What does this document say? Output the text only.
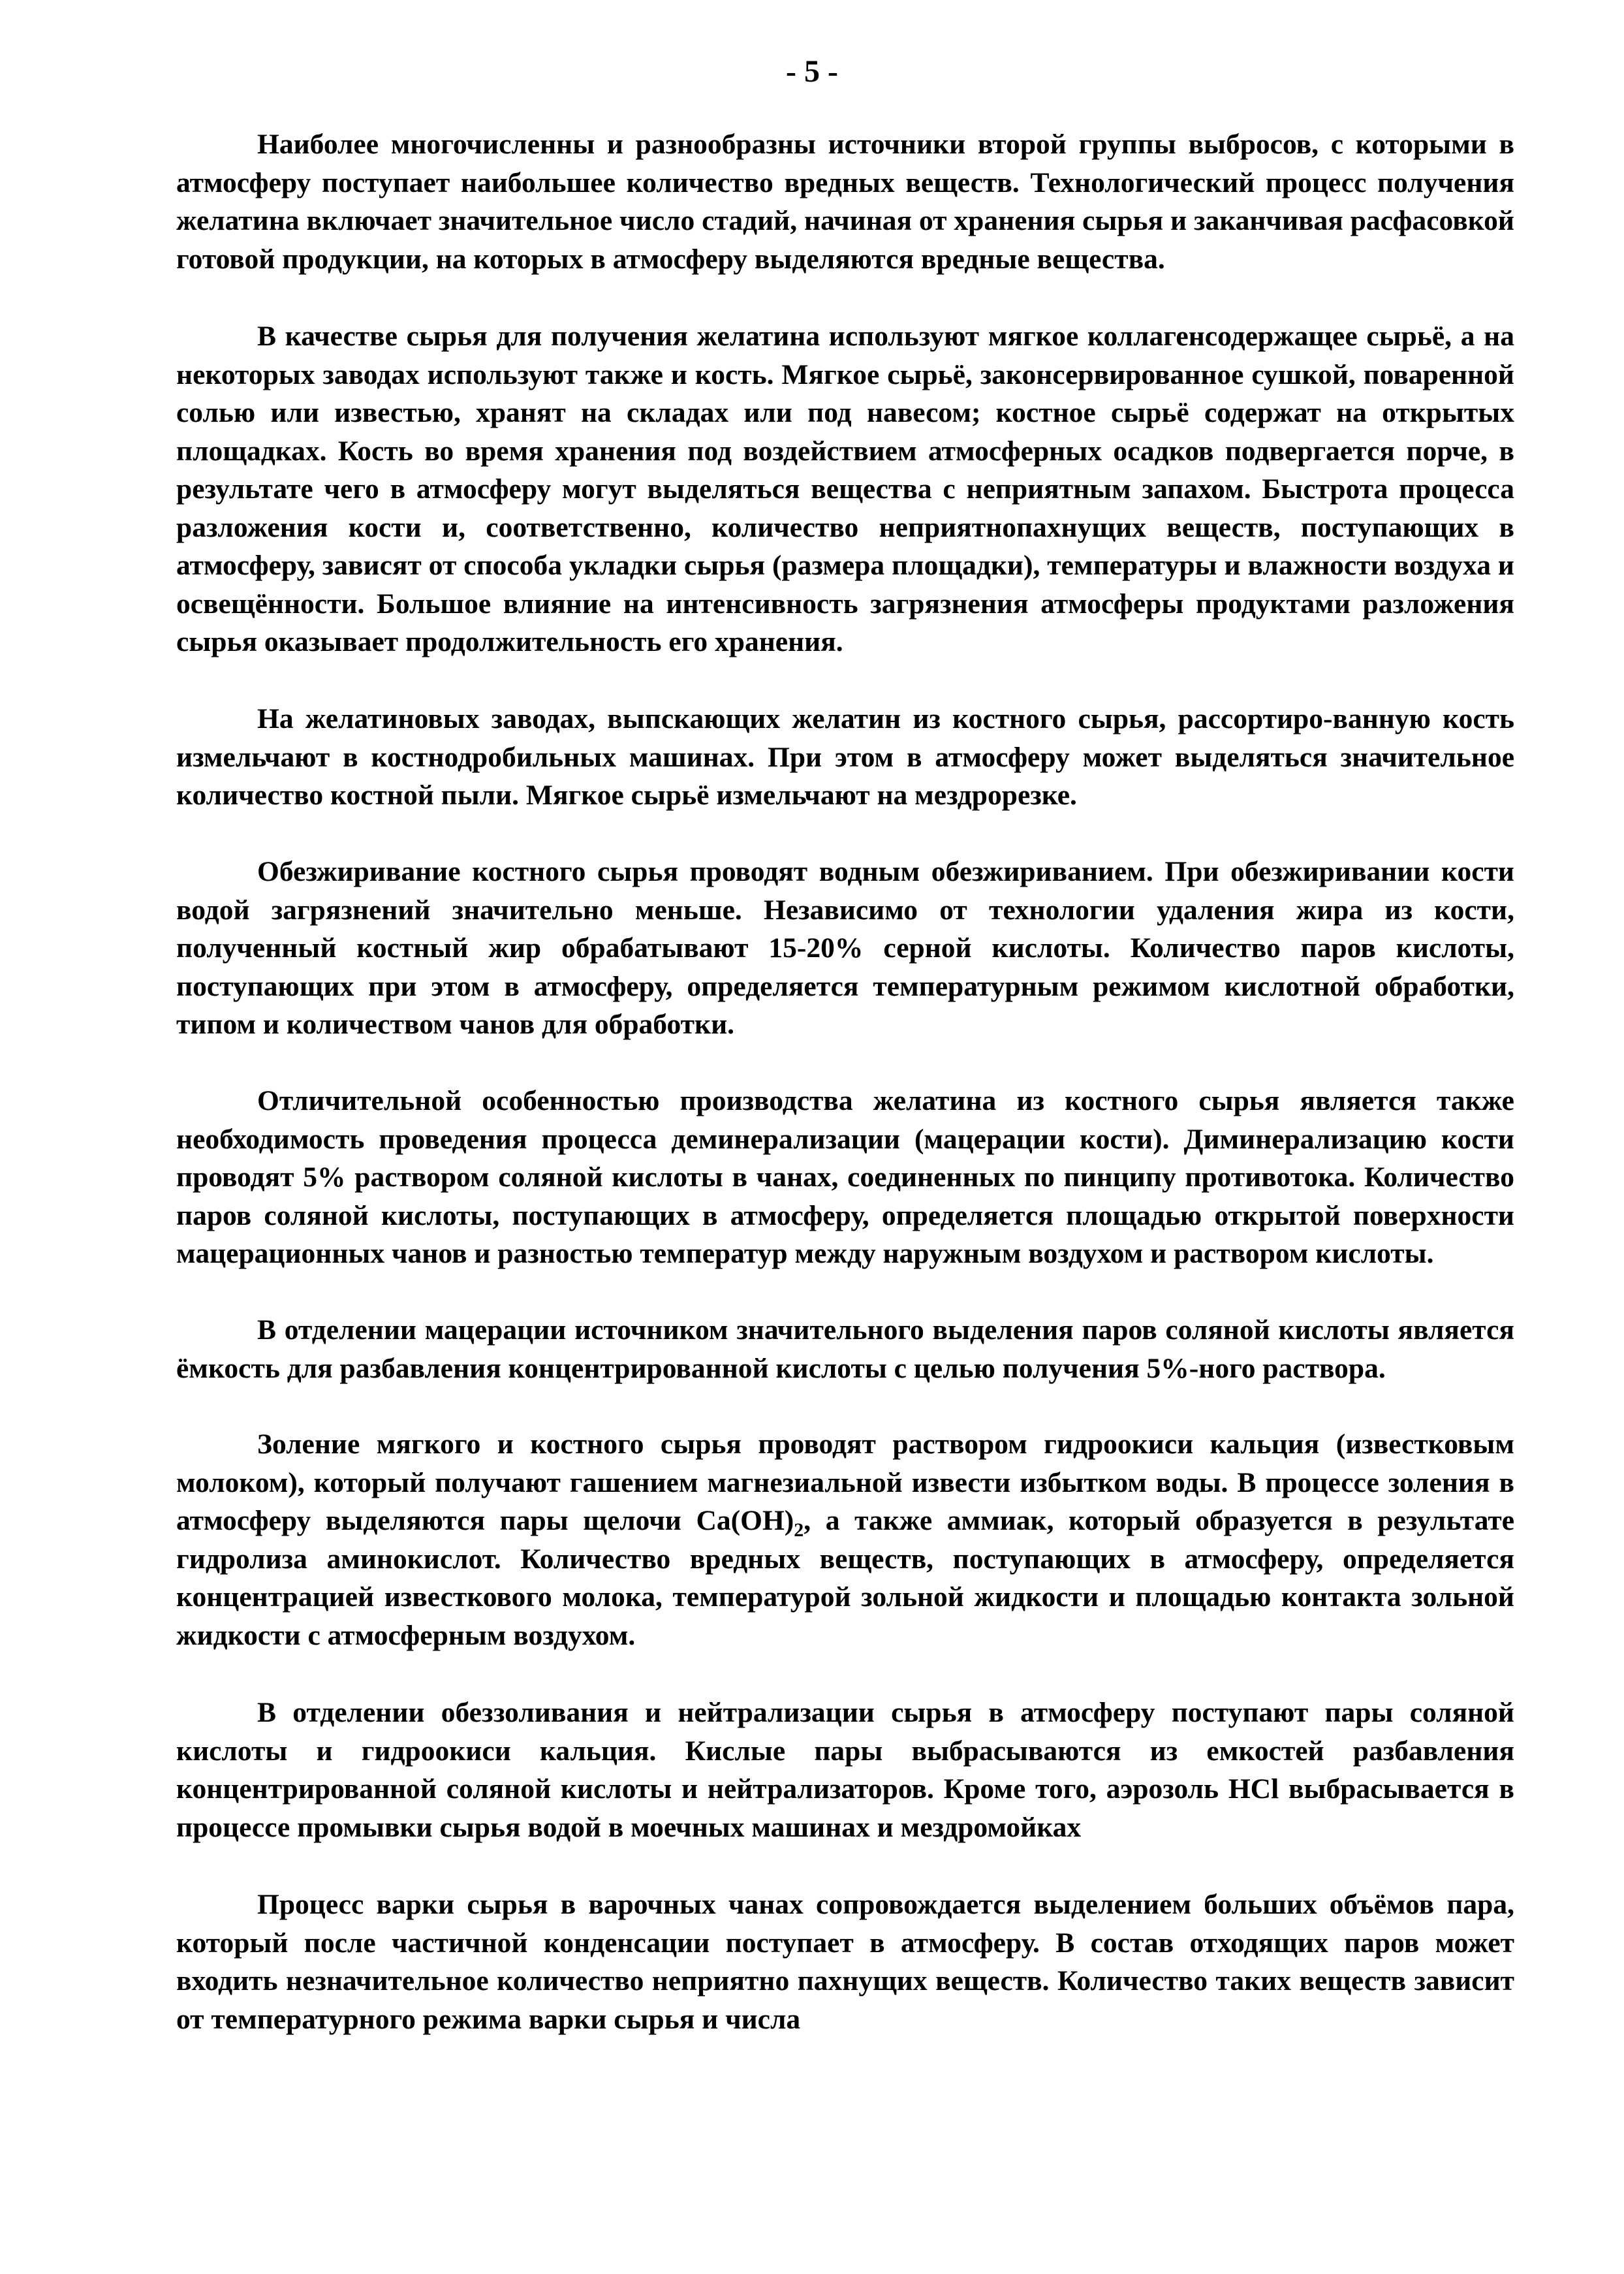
- 5 -

Наиболее многочисленны и разнообразны источники второй группы выбросов, с которыми в атмосферу поступает наибольшее количество вредных веществ. Технологический процесс получения желатина включает значительное число стадий, начиная от хранения сырья и заканчивая расфасовкой готовой продукции, на которых в атмосферу выделяются вредные вещества.

В качестве сырья для получения желатина используют мягкое коллагенсодержащее сырьё, а на некоторых заводах используют также и кость. Мягкое сырьё, законсервированное сушкой, поваренной солью или известью, хранят на складах или под навесом; костное сырьё содержат на открытых площадках. Кость во время хранения под воздействием атмосферных осадков подвергается порче, в результате чего в атмосферу могут выделяться вещества с неприятным запахом. Быстрота процесса разложения кости и, соответственно, количество неприятнопахнущих веществ, поступающих в атмосферу, зависят от способа укладки сырья (размера площадки), температуры и влажности воздуха и освещённости. Большое влияние на интенсивность загрязнения атмосферы продуктами разложения сырья оказывает продолжительность его хранения.

На желатиновых заводах, выпскающих желатин из костного сырья, рассортиро-ванную кость измельчают в костнодробильных машинах. При этом в атмосферу может выделяться значительное количество костной пыли. Мягкое сырьё измельчают на мездрорезке.

Обезжиривание костного сырья проводят водным обезжириванием. При обезжиривании кости водой загрязнений значительно меньше. Независимо от технологии удаления жира из кости, полученный костный жир обрабатывают 15-20% серной кислоты. Количество паров кислоты, поступающих при этом в атмосферу, определяется температурным режимом кислотной обработки, типом и количеством чанов для обработки.

Отличительной особенностью производства желатина из костного сырья является также необходимость проведения процесса деминерализации (мацерации кости). Диминерализацию кости проводят 5% раствором соляной кислоты в чанах, соединенных по пинципу противотока. Количество паров соляной кислоты, поступающих в атмосферу, определяется площадью открытой поверхности мацерационных чанов и разностью температур между наружным воздухом и раствором кислоты.

В отделении мацерации источником значительного выделения паров соляной кислоты является ёмкость для разбавления концентрированной кислоты с целью получения 5%-ного раствора.

Золение мягкого и костного сырья проводят раствором гидроокиси кальция (известковым молоком), который получают гашением магнезиальной извести избытком воды. В процессе золения в атмосферу выделяются пары щелочи $Ca(OH)_2$, а также аммиак, который образуется в результате гидролиза аминокислот. Количество вредных веществ, поступающих в атмосферу, определяется концентрацией известкового молока, температурой зольной жидкости и площадью контакта зольной жидкости с атмосферным воздухом.

В отделении обеззоливания и нейтрализации сырья в атмосферу поступают пары соляной кислоты и гидроокиси кальция. Кислые пары выбрасываются из емкостей разбавления концентрированной соляной кислоты и нейтрализаторов. Кроме того, аэрозоль HCl выбрасывается в процессе промывки сырья водой в моечных машинах и мездромойках

Процесс варки сырья в варочных чанах сопровождается выделением больших объёмов пара, который после частичной конденсации поступает в атмосферу. В состав отходящих паров может входить незначительное количество неприятно пахнущих веществ. Количество таких веществ зависит от температурного режима варки сырья и числа
